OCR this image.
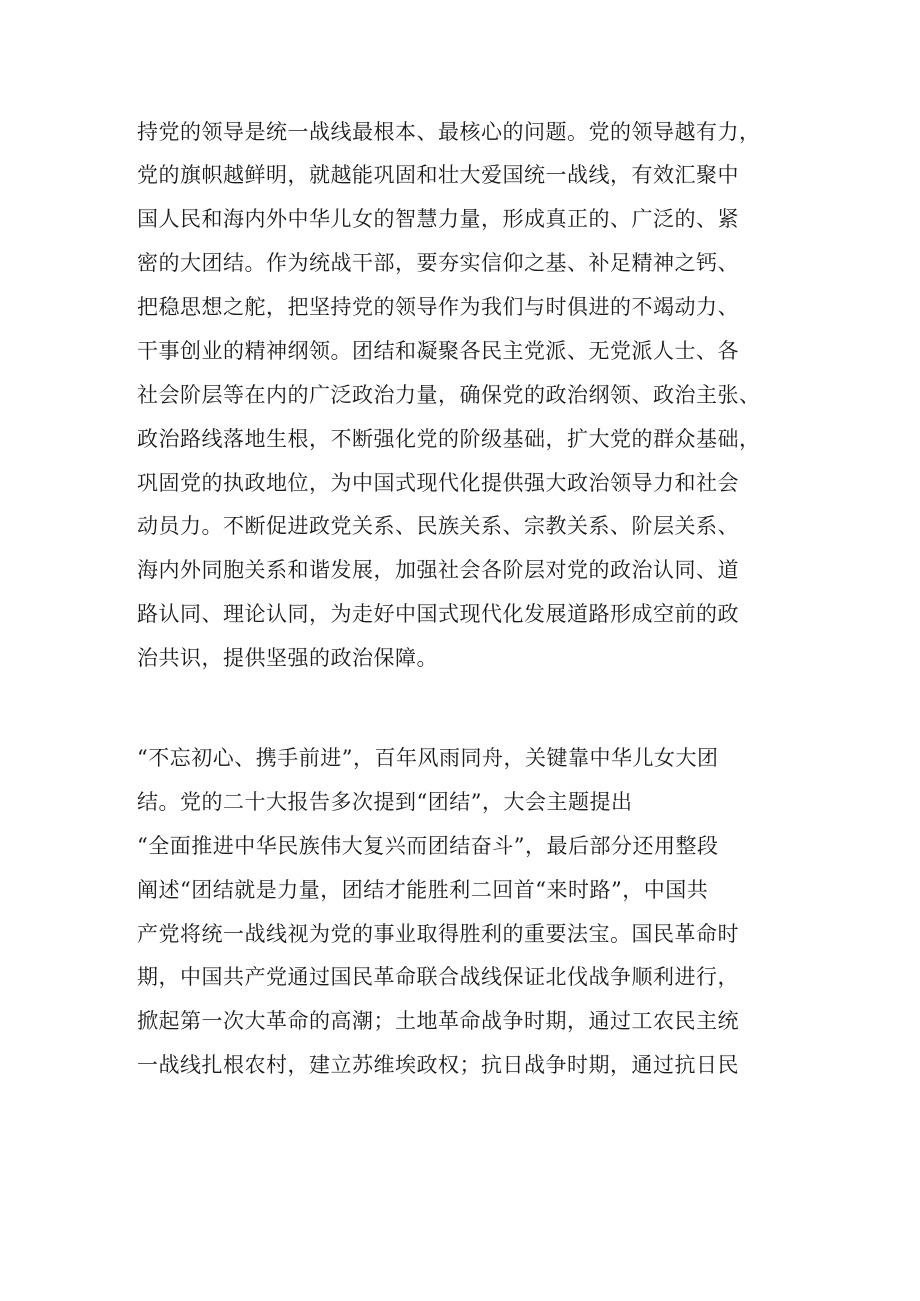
持党的领导是统一战线最根本、最核心的问题。党的领导越有力，
党的旗帜越鲜明，就越能巩固和壮大爱国统一战线，有效汇聚中
国人民和海内外中华儿女的智慧力量，形成真正的、广泛的、紧
密的大团结。作为统战干部，要夯实信仰之基、补足精神之钙、
把稳思想之舵，把坚持党的领导作为我们与时俱进的不竭动力、
干事创业的精神纲领。团结和凝聚各民主党派、无党派人士、各
社会阶层等在内的广泛政治力量，确保党的政治纲领、政治主张、
政治路线落地生根，不断强化党的阶级基础，扩大党的群众基础，
巩固党的执政地位，为中国式现代化提供强大政治领导力和社会
动员力。不断促进政党关系、民族关系、宗教关系、阶层关系、
海内外同胞关系和谐发展，加强社会各阶层对党的政治认同、道
路认同、理论认同，为走好中国式现代化发展道路形成空前的政
治共识，提供坚强的政治保障。
“不忘初心、携手前进”，百年风雨同舟，关键靠中华儿女大团
结。党的二十大报告多次提到“团结”，大会主题提出
“全面推进中华民族伟大复兴而团结奋斗”，最后部分还用整段
阐述“团结就是力量，团结才能胜利二回首“来时路”，中国共
产党将统一战线视为党的事业取得胜利的重要法宝。国民革命时
期，中国共产党通过国民革命联合战线保证北伐战争顺利进行，
掀起第一次大革命的高潮；土地革命战争时期，通过工农民主统
一战线扎根农村，建立苏维埃政权；抗日战争时期，通过抗日民
